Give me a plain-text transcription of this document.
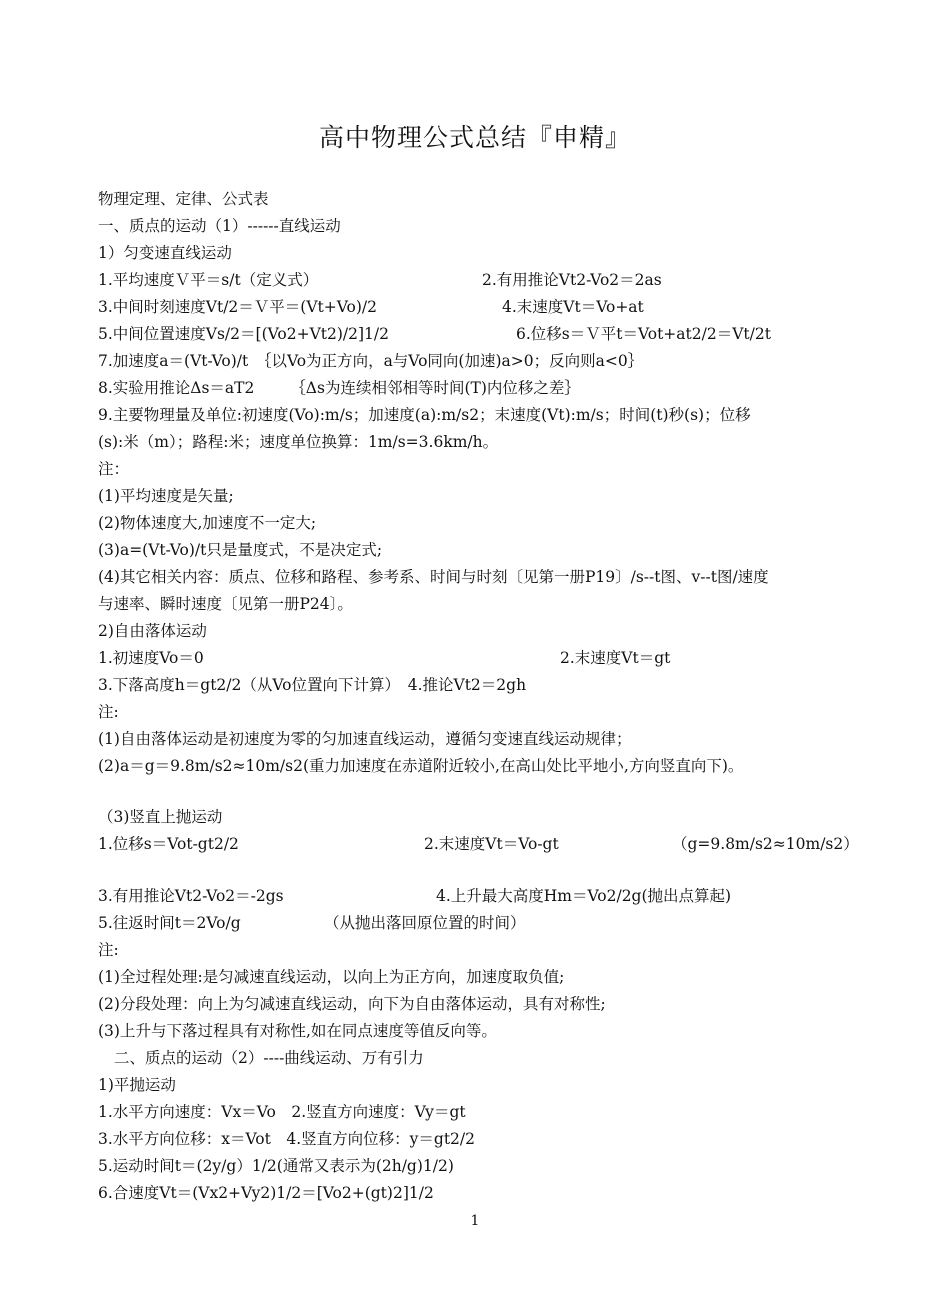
高中物理公式总结『申精』
物理定理、定律、公式表
一、质点的运动（1）------直线运动
1）匀变速直线运动
1.平均速度Ｖ平＝s/t（定义式）	2.有用推论Vt2-Vo2＝2as
3.中间时刻速度Vt/2＝Ｖ平＝(Vt+Vo)/2	4.末速度Vt＝Vo+at
5.中间位置速度Vs/2＝[(Vo2+Vt2)/2]1/2	6.位移s＝Ｖ平t＝Vot+at2/2＝Vt/2t
7.加速度a＝(Vt-Vo)/t　｛以Vo为正方向，a与Vo同向(加速)a>0；反向则a<0｝
8.实验用推论Δs＝aT2　　 ｛Δs为连续相邻相等时间(T)内位移之差｝
9.主要物理量及单位:初速度(Vo):m/s；加速度(a):m/s2；末速度(Vt):m/s；时间(t)秒(s)；位移
(s):米（m）；路程:米；速度单位换算：1m/s=3.6km/h。
注：
(1)平均速度是矢量;
(2)物体速度大,加速度不一定大;
(3)a=(Vt-Vo)/t只是量度式，不是决定式;
(4)其它相关内容：质点、位移和路程、参考系、时间与时刻〔见第一册P19〕/s--t图、v--t图/速度
与速率、瞬时速度〔见第一册P24〕。
2)自由落体运动
1.初速度Vo＝0	2.末速度Vt＝gt
3.下落高度h＝gt2/2（从Vo位置向下计算）　4.推论Vt2＝2gh
注:
(1)自由落体运动是初速度为零的匀加速直线运动，遵循匀变速直线运动规律；
(2)a＝g＝9.8m/s2≈10m/s2(重力加速度在赤道附近较小,在高山处比平地小,方向竖直向下)。
（3)竖直上抛运动
1.位移s＝Vot-gt2/2	2.末速度Vt＝Vo-gt	（g=9.8m/s2≈10m/s2）
3.有用推论Vt2-Vo2＝-2gs	4.上升最大高度Hm＝Vo2/2g(抛出点算起)
5.往返时间t＝2Vo/g	（从抛出落回原位置的时间）
注:
(1)全过程处理:是匀减速直线运动，以向上为正方向，加速度取负值;
(2)分段处理：向上为匀减速直线运动，向下为自由落体运动，具有对称性;
(3)上升与下落过程具有对称性,如在同点速度等值反向等。
二、质点的运动（2）----曲线运动、万有引力
1)平抛运动
1.水平方向速度：Vx＝Vo　2.竖直方向速度：Vy＝gt
3.水平方向位移：x＝Vot　4.竖直方向位移：y＝gt2/2
5.运动时间t＝(2y/g）1/2(通常又表示为(2h/g)1/2)
6.合速度Vt＝(Vx2+Vy2)1/2＝[Vo2+(gt)2]1/2
1
